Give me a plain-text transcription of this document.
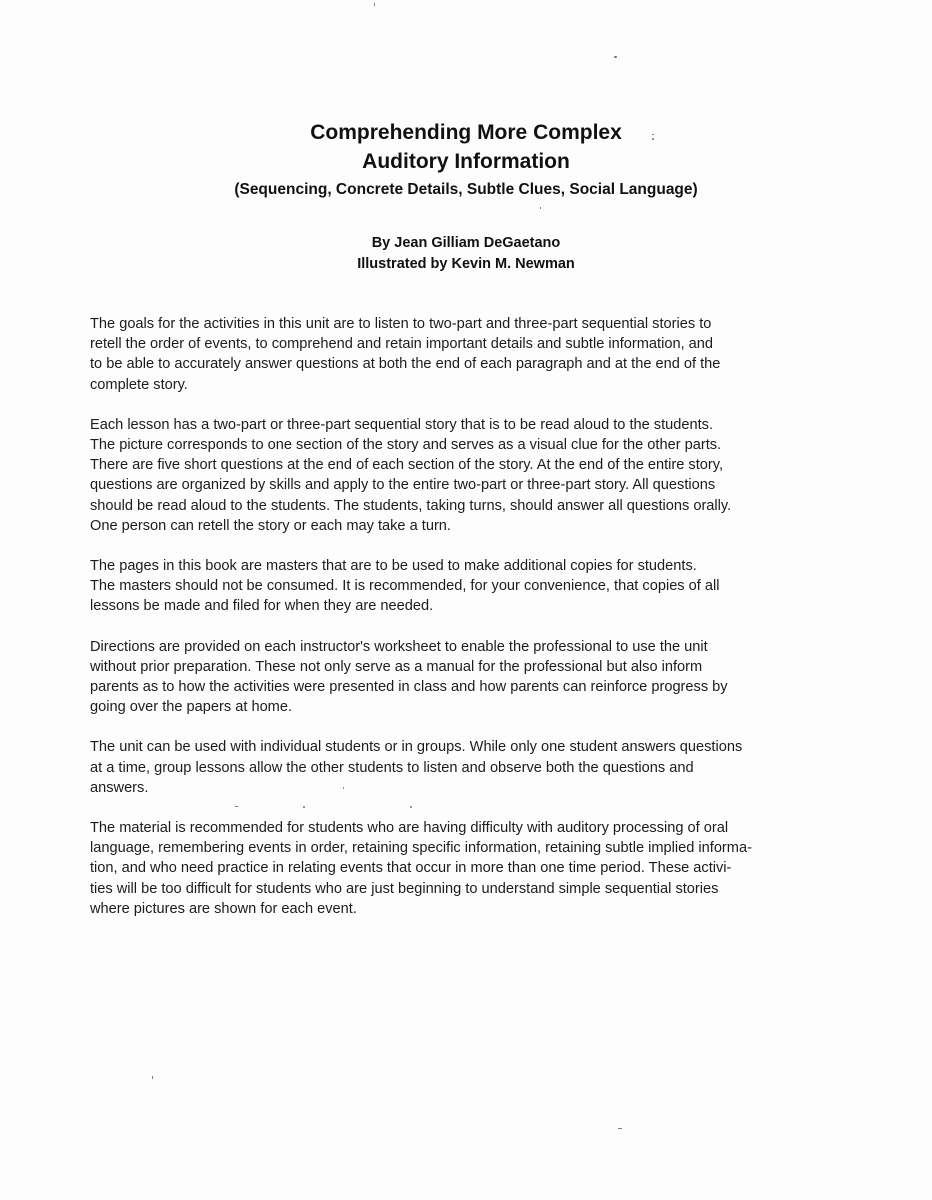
Comprehending More Complex

Auditory Information

(Sequencing, Concrete Details, Subtle Clues, Social Language)

By Jean Gilliam DeGaetano

Illustrated by Kevin M. Newman

The goals for the activities in this unit are to listen to two-part and three-part sequential stories to
retell the order of events, to comprehend and retain important details and subtle information, and
to be able to accurately answer questions at both the end of each paragraph and at the end of the
complete story.

Each lesson has a two-part or three-part sequential story that is to be read aloud to the students.
The picture corresponds to one section of the story and serves as a visual clue for the other parts.
There are five short questions at the end of each section of the story. At the end of the entire story,
questions are organized by skills and apply to the entire two-part or three-part story. All questions
should be read aloud to the students. The students, taking turns, should answer all questions orally.
One person can retell the story or each may take a turn.

The pages in this book are masters that are to be used to make additional copies for students.
The masters should not be consumed. It is recommended, for your convenience, that copies of all
lessons be made and filed for when they are needed.

Directions are provided on each instructor's worksheet to enable the professional to use the unit
without prior preparation. These not only serve as a manual for the professional but also inform
parents as to how the activities were presented in class and how parents can reinforce progress by
going over the papers at home.

The unit can be used with individual students or in groups. While only one student answers questions
at a time, group lessons allow the other students to listen and observe both the questions and
answers.

The material is recommended for students who are having difficulty with auditory processing of oral
language, remembering events in order, retaining specific information, retaining subtle implied informa-
tion, and who need practice in relating events that occur in more than one time period. These activi-
ties will be too difficult for students who are just beginning to understand simple sequential stories
where pictures are shown for each event.
